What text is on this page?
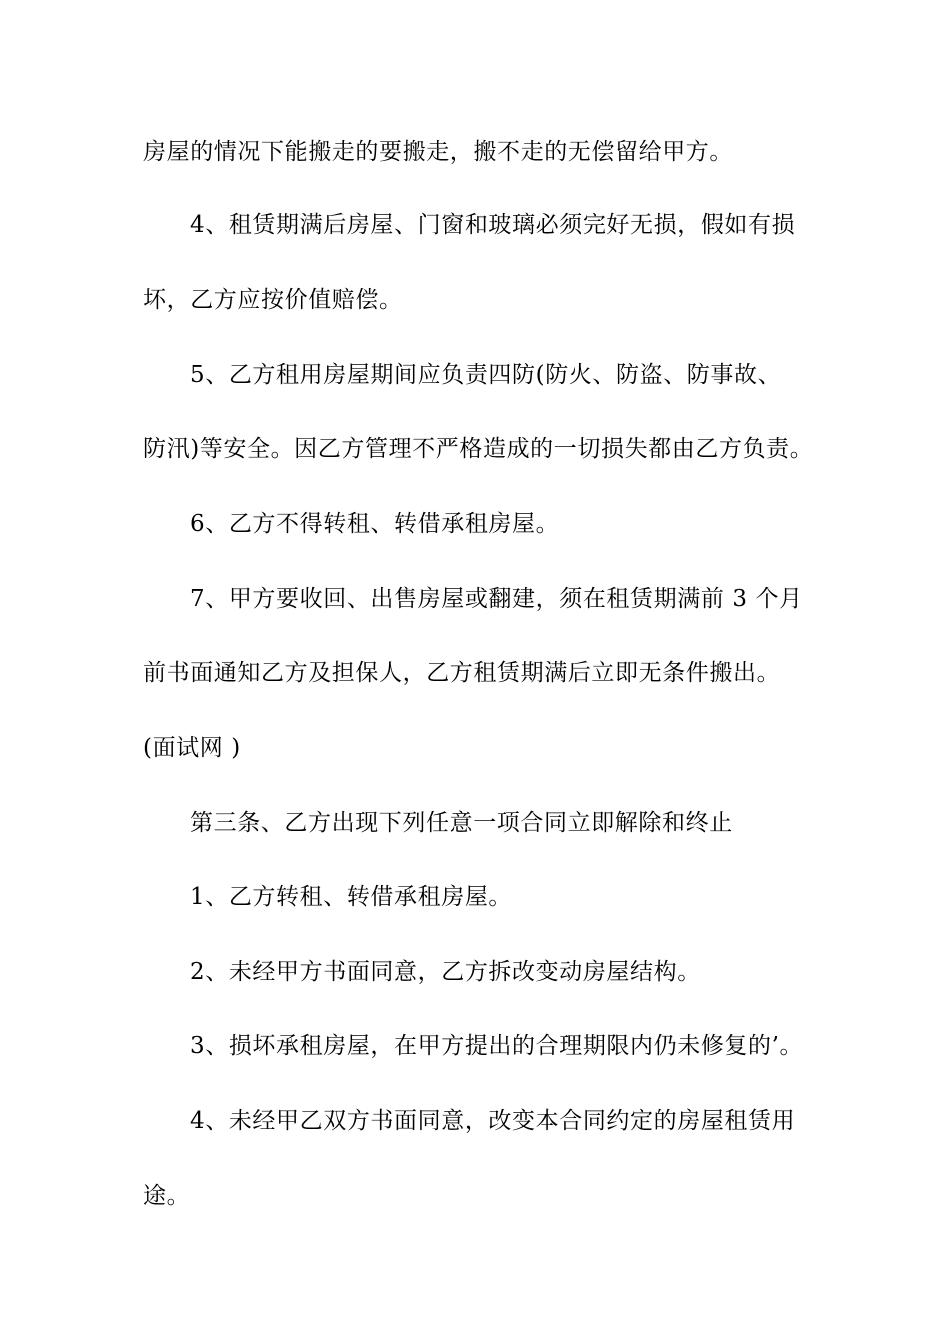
房屋的情况下能搬走的要搬走，搬不走的无偿留给甲方。
4、租赁期满后房屋、门窗和玻璃必须完好无损，假如有损
坏，乙方应按价值赔偿。
5、乙方租用房屋期间应负责四防(防火、防盗、防事故、
防汛)等安全。因乙方管理不严格造成的一切损失都由乙方负责。
6、乙方不得转租、转借承租房屋。
7、甲方要收回、出售房屋或翻建，须在租赁期满前 3 个月
前书面通知乙方及担保人，乙方租赁期满后立即无条件搬出。
(面试网 )
第三条、乙方出现下列任意一项合同立即解除和终止
1、乙方转租、转借承租房屋。
2、未经甲方书面同意，乙方拆改变动房屋结构。
3、损坏承租房屋，在甲方提出的合理期限内仍未修复的’。
4、未经甲乙双方书面同意，改变本合同约定的房屋租赁用
途。
